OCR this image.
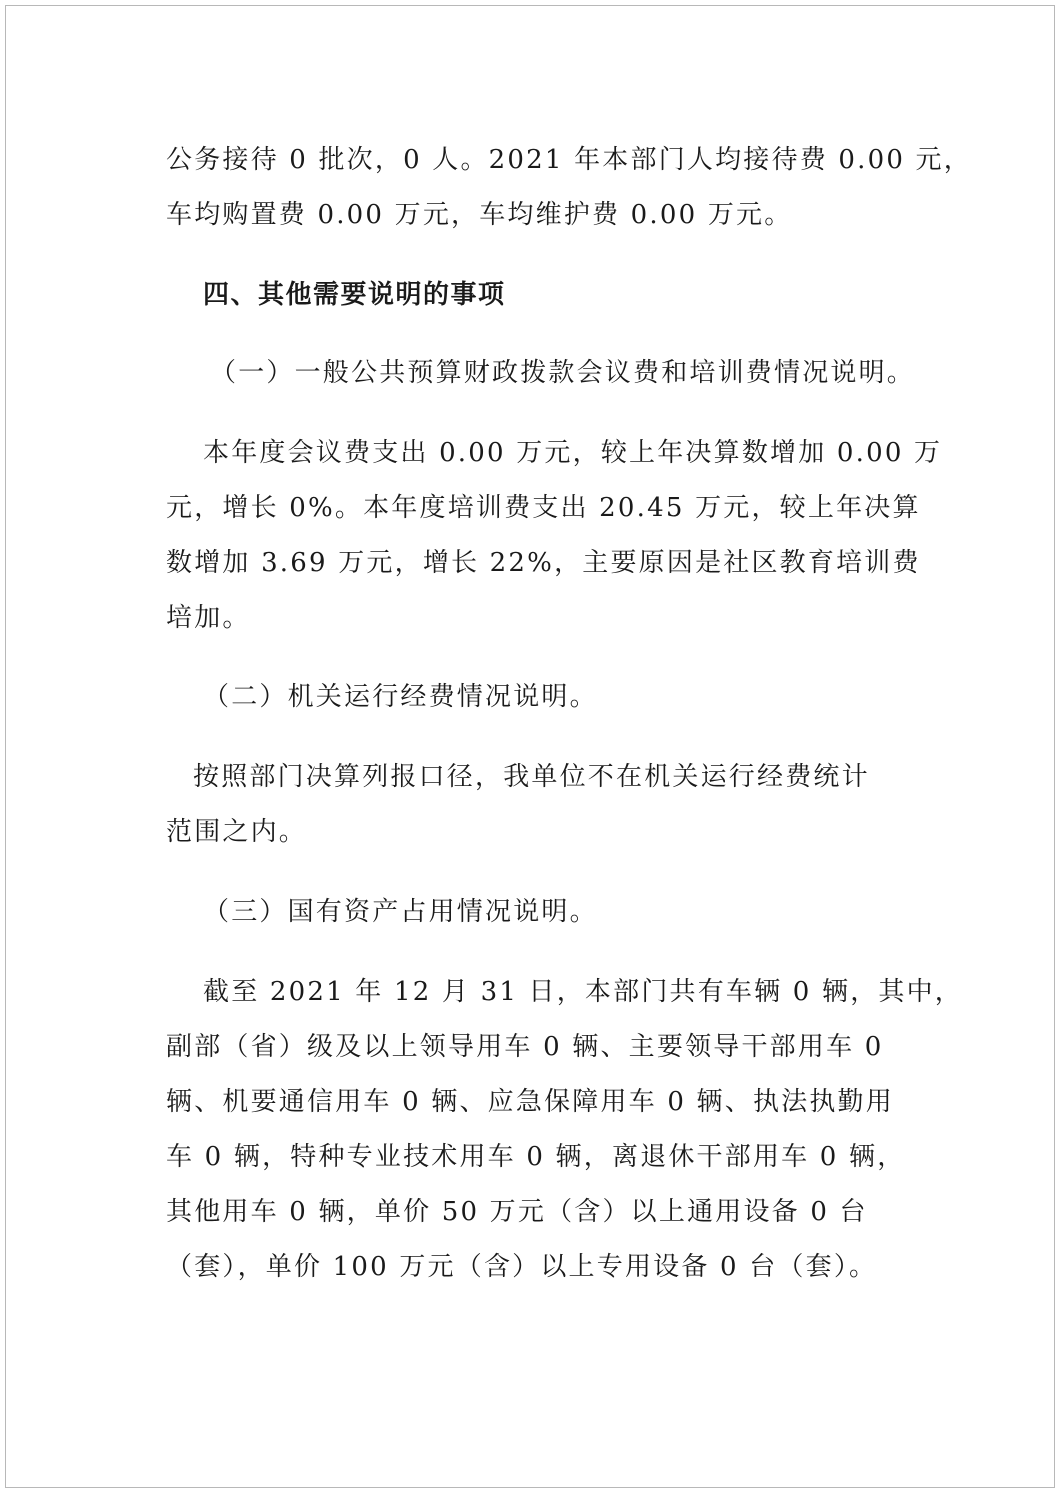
公务接待 0 批次，0 人。2021 年本部门人均接待费 0.00 元，
车均购置费 0.00 万元，车均维护费 0.00 万元。
四、其他需要说明的事项
（一）一般公共预算财政拨款会议费和培训费情况说明。
本年度会议费支出 0.00 万元，较上年决算数增加 0.00 万
元，增长 0%。本年度培训费支出 20.45 万元，较上年决算
数增加 3.69 万元，增长 22%，主要原因是社区教育培训费
培加。
（二）机关运行经费情况说明。
按照部门决算列报口径，我单位不在机关运行经费统计
范围之内。
（三）国有资产占用情况说明。
截至 2021 年 12 月 31 日，本部门共有车辆 0 辆，其中，
副部（省）级及以上领导用车 0 辆、主要领导干部用车 0
辆、机要通信用车 0 辆、应急保障用车 0 辆、执法执勤用
车 0 辆，特种专业技术用车 0 辆，离退休干部用车 0 辆，
其他用车 0 辆，单价 50 万元（含）以上通用设备 0 台
（套），单价 100 万元（含）以上专用设备 0 台（套）。
